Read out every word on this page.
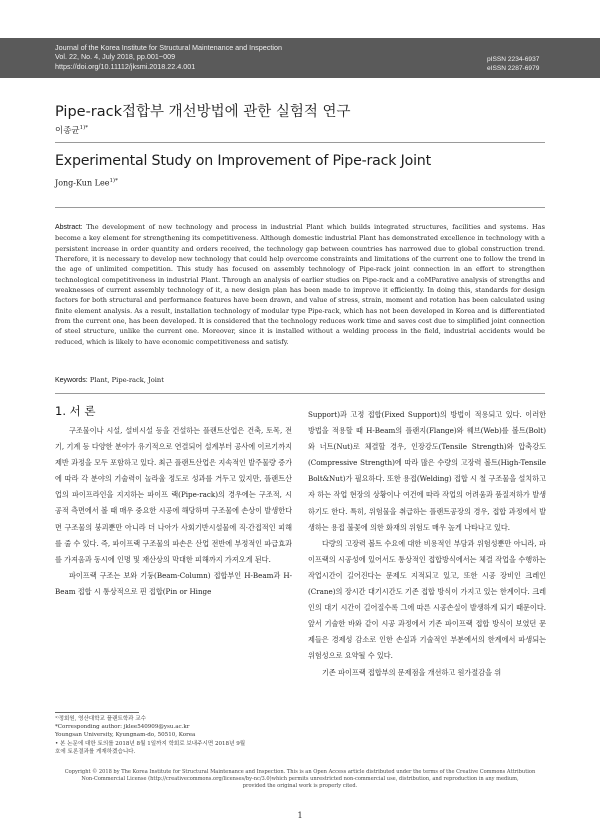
Journal of the Korea Institute for Structural Maintenance and Inspection
Vol. 22, No. 4, July 2018, pp.001~009
https://doi.org/10.11112/jksmi.2018.22.4.001
pISSN 2234-6937
eISSN 2287-6979
Pipe-rack접합부 개선방법에 관한 실험적 연구
이종균$^{1)*}$
Experimental Study on Improvement of Pipe-rack Joint
Jong-Kun Lee$^{1)*}$
Abstract: The development of new technology and process in industrial Plant which builds integrated structures, facilities and systems. Has become a key element for strengthening its competitiveness. Although domestic industrial Plant has demonstrated excellence in technology with a persistent increase in order quantity and orders received, the technology gap between countries has narrowed due to global construction trend. Therefore, it is necessary to develop new technology that could help overcome constraints and limitations of the current one to follow the trend in the age of unlimited competition. This study has focused on assembly technology of Pipe-rack joint connection in an effort to strengthen technological competitiveness in industrial Plant. Through an analysis of earlier studies on Pipe-rack and a coMParative analysis of strengths and weaknesses of current assembly technology of it, a new design plan has been made to improve it efficiently. In doing this, standards for design factors for both structural and performance features have been drawn, and value of stress, strain, moment and rotation has been calculated using finite element analysis. As a result, installation technology of modular type Pipe-rack, which has not been developed in Korea and is differentiated from the current one, has been developed. It is considered that the technology reduces work time and saves cost due to simplified joint connection of steel structure, unlike the current one. Moreover, since it is installed without a welding process in the field, industrial accidents would be reduced, which is likely to have economic competitiveness and satisfy.
Keywords: Plant, Pipe-rack, Joint
1. 서 론

구조물이나 시설, 설비시설 등을 건설하는 플랜트산업은 건축, 토목, 전기, 기계 등 다양한 분야가 유기적으로 연결되어 설계부터 공사에 이르기까지 제반 과정을 모두 포함하고 있다. 최근 플랜트산업은 지속적인 발주물량 증가에 따라 각 분야의 기술력이 놀라울 정도로 성과를 거두고 있지만, 플랜트산업의 파이프라인을 지지하는 파이프 랙(Pipe-rack)의 경우에는 구조적, 시공적 측면에서 볼 때 매우 중요한 시공에 해당하며 구조물에 손상이 발생한다면 구조물의 붕괴뿐만 아니라 더 나아가 사회기반시설물에 직·간접적인 피해를 줄 수 있다. 즉, 파이프랙 구조물의 파손은 산업 전반에 부정적인 파급효과를 가져옴과 동시에 인명 및 재산상의 막대한 피해까지 가져오게 된다.

파이프랙 구조는 보와 기둥(Beam-Column) 접합부인 H-Beam과 H-Beam 접합 시 통상적으로 핀 접합(Pin or Hinge

Support)과 고정 접합(Fixed Support)의 방법이 적용되고 있다. 이러한 방법을 적용할 때 H-Beam의 플랜지(Flange)와 웨브(Web)를 볼트(Bolt)와 너트(Nut)로 체결할 경우, 인장강도(Tensile Strength)와 압축강도(Compressive Strength)에 따라 많은 수량의 고장력 볼트(High-Tensile Bolt&Nut)가 필요하다. 또한 용접(Welding) 접합 시 철 구조물을 설치하고자 하는 작업 현장의 상황이나 여건에 따라 작업의 어려움과 품질저하가 발생하기도 한다. 특히, 위험물을 취급하는 플랜트공장의 경우, 접합 과정에서 발생하는 용접 불꽃에 의한 화재의 위험도 매우 높게 나타나고 있다.

다량의 고장력 볼트 수요에 대한 비용적인 부담과 위험성뿐만 아니라, 파이프랙의 시공성에 있어서도 통상적인 접합방식에서는 체결 작업을 수행하는 작업시간이 길어진다는 문제도 지적되고 있고, 또한 시공 장비인 크레인(Crane)의 장시간 대기시간도 기존 접합 방식이 가지고 있는 한계이다. 크레인의 대기 시간이 길어질수록 그에 따른 시공손실이 발생하게 되기 때문이다. 앞서 기술한 바와 같이 시공 과정에서 기존 파이프랙 접합 방식이 보였던 문제들은 경제성 감소로 인한 손실과 기술적인 부분에서의 한계에서 파생되는 위험성으로 요약될 수 있다.

기존 파이프랙 접합부의 문제점을 개선하고 원가절감을 위

¹⁾정회원, 영산대학교 플랜트학과 교수
*Corresponding author: jklee540909@ysu.ac.kr
Youngsan University, Kyungnam-do, 50510, Korea
• 본 논문에 대한 토의를 2018년 8월 1일까지 학회로 보내주시면 2018년 9월
호에 토론결과를 게재하겠습니다.
Copyright © 2018 by The Korea Institute for Structural Maintenance and Inspection. This is an Open Access article distributed under the terms of the Creative Commons Attribution
Non-Commercial License (http://creativecommons.org/licenses/by-nc/3.0)which permits unrestricted non-commercial use, distribution, and reproduction in any medium,
provided the original work is properly cited.
1
